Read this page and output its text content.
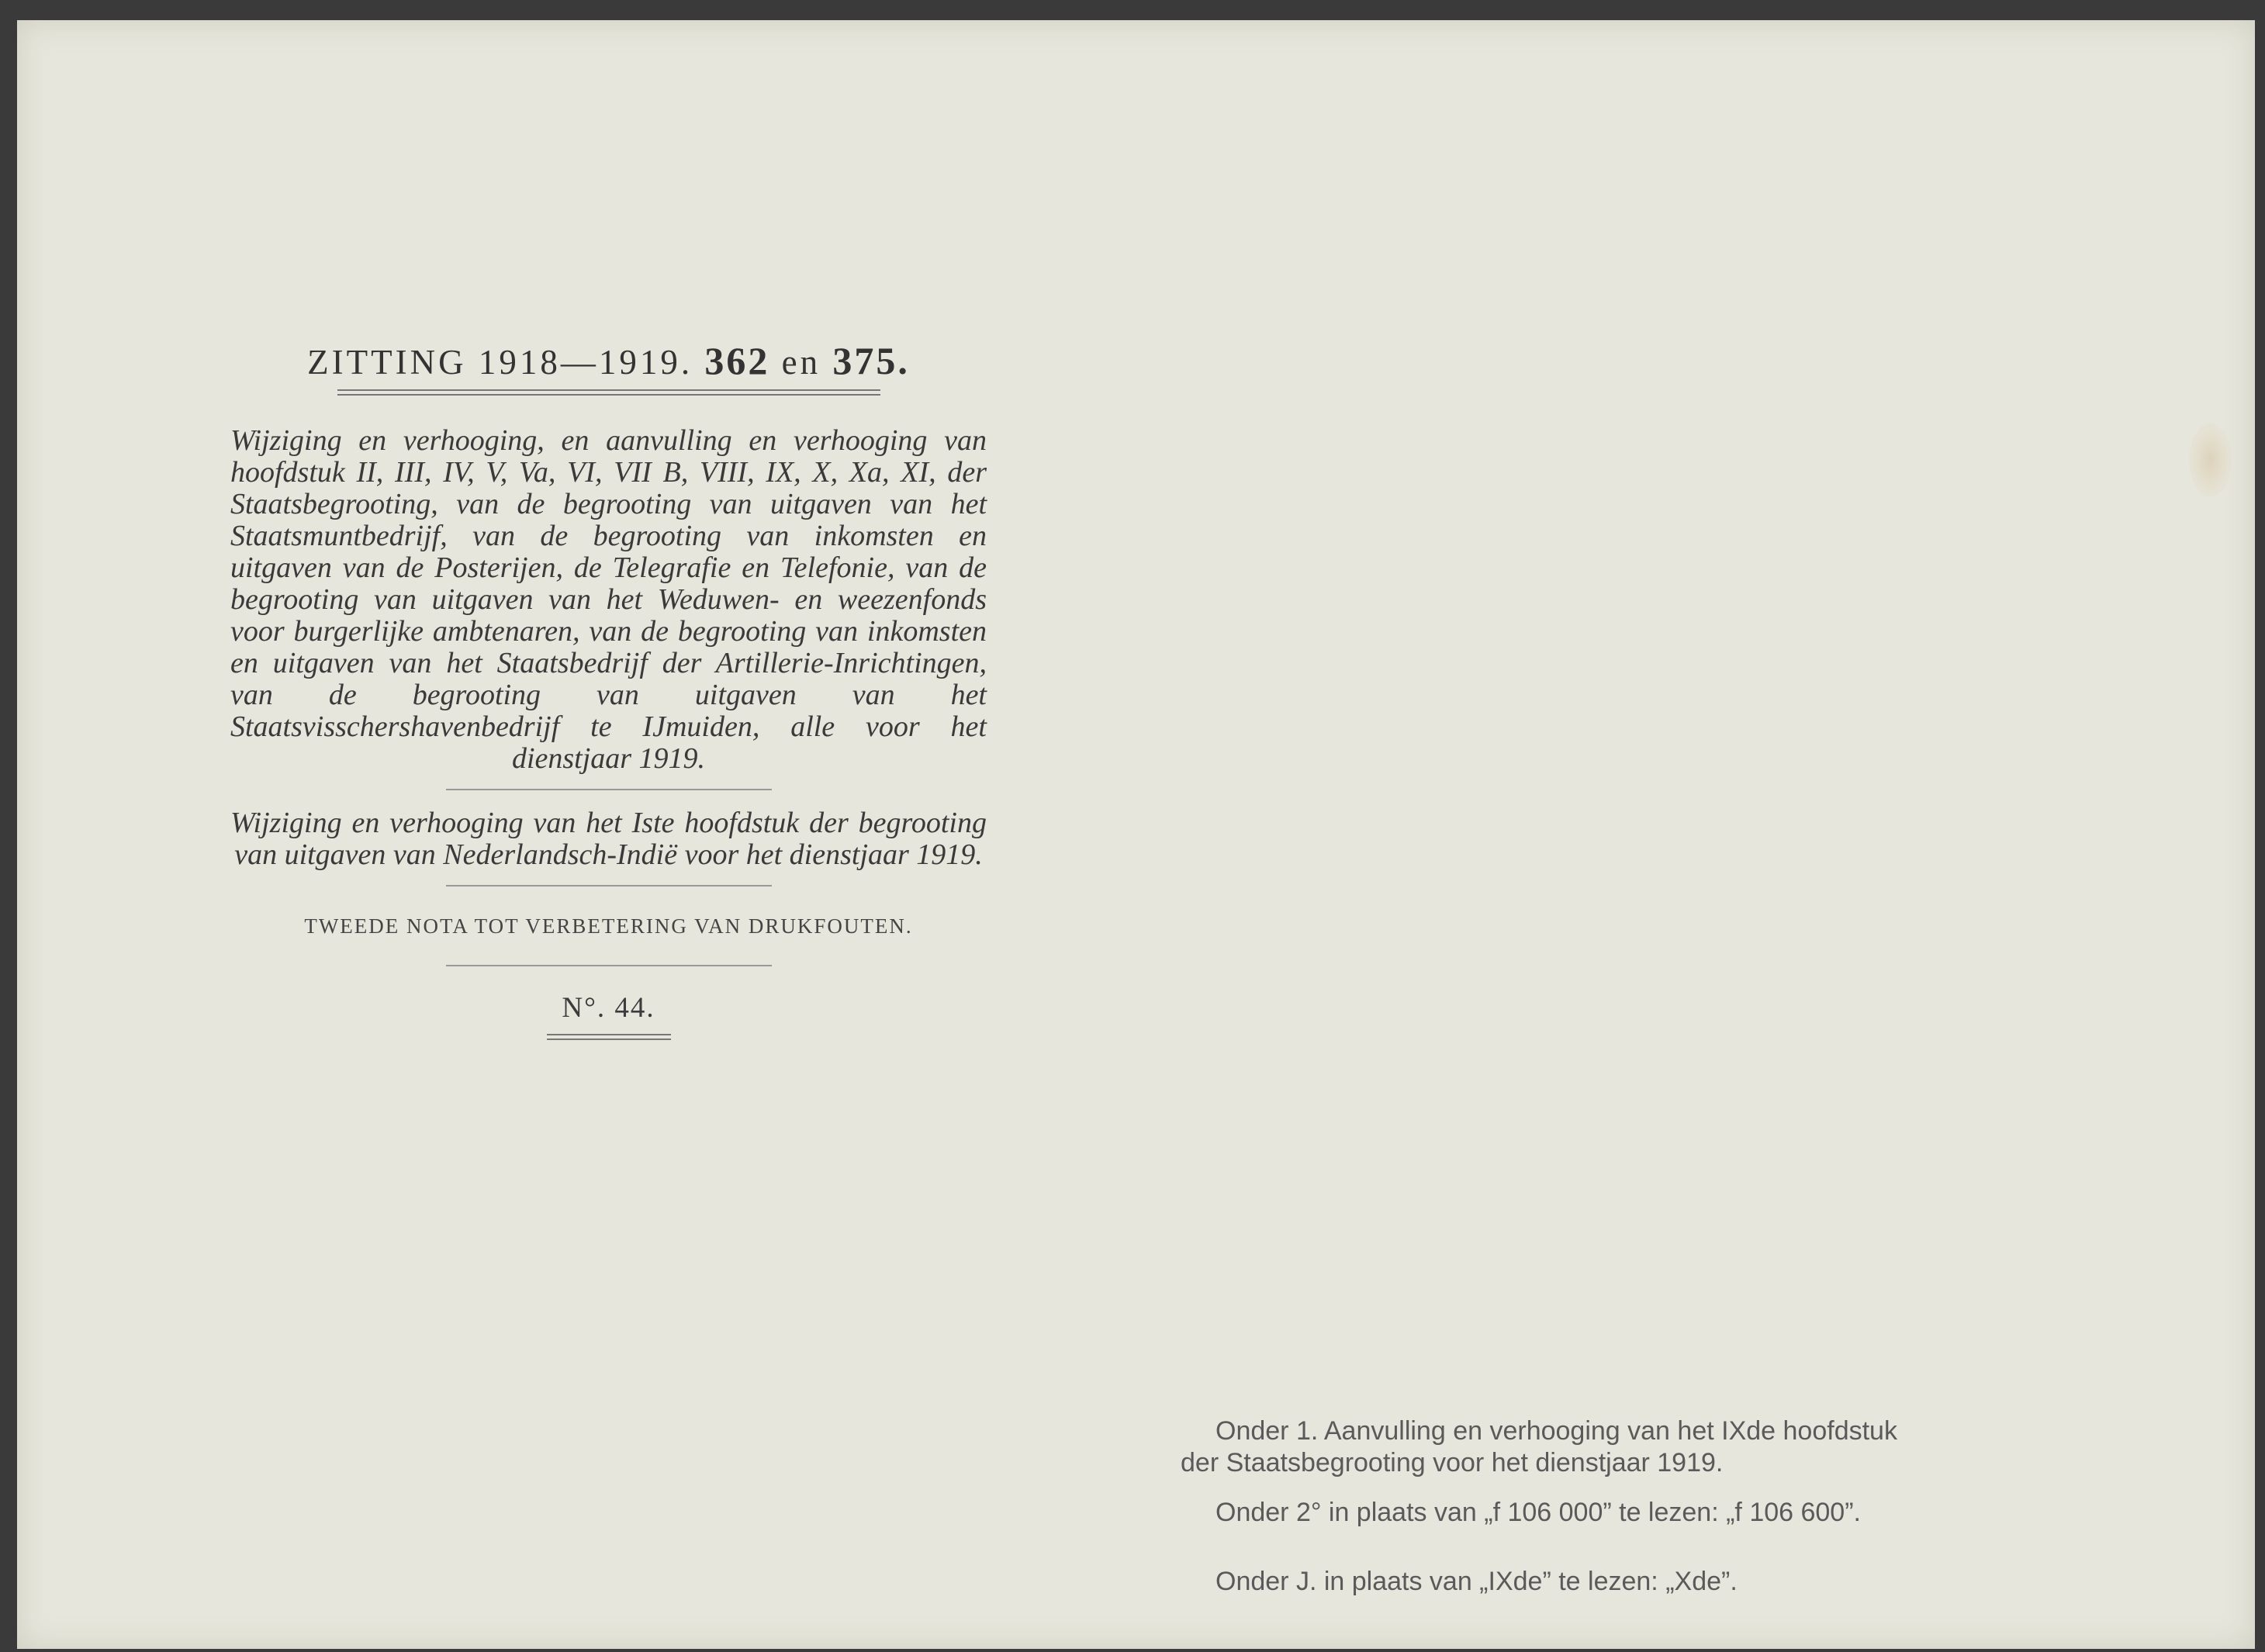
ZITTING 1918—1919. 362 en 375.

Wijziging en verhooging, en aanvulling en verhooging van hoofdstuk II, III, IV, V, Va, VI, VII B, VIII, IX, X, Xa, XI, der Staatsbegrooting, van de begrooting van uitgaven van het Staatsmuntbedrijf, van de begrooting van inkomsten en uitgaven van de Posterijen, de Telegrafie en Telefonie, van de begrooting van uitgaven van het Weduwen- en weezenfonds voor burgerlijke ambtenaren, van de begrooting van inkomsten en uitgaven van het Staatsbedrijf der Artillerie-Inrichtingen, van de begrooting van uitgaven van het Staatsvisschershavenbedrijf te IJmuiden, alle voor het dienstjaar 1919.

Wijziging en verhooging van het Iste hoofdstuk der begrooting van uitgaven van Nederlandsch-Indië voor het dienstjaar 1919.

TWEEDE NOTA TOT VERBETERING VAN DRUKFOUTEN.

N°. 44.

Onder 1. Aanvulling en verhooging van het IXde hoofdstuk

der Staatsbegrooting voor het dienstjaar 1919.

Onder 2° in plaats van „f 106 000” te lezen: „f 106 600”.

Onder J. in plaats van „IXde” te lezen: „Xde”.
